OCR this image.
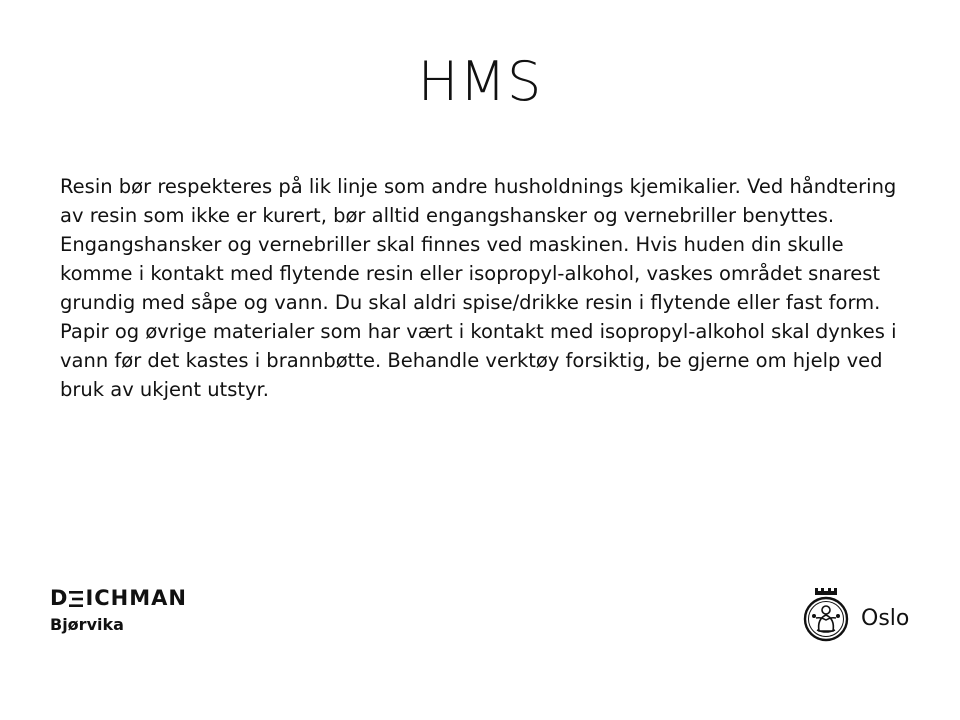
HMS

Resin bør respekteres på lik linje som andre husholdnings kjemikalier. Ved håndtering av resin som ikke er kurert, bør alltid engangshansker og vernebriller benyttes. Engangshansker og vernebriller skal finnes ved maskinen. Hvis huden din skulle komme i kontakt med flytende resin eller isopropyl-alkohol, vaskes området snarest grundig med såpe og vann. Du skal aldri spise/drikke resin i flytende eller fast form. Papir og øvrige materialer som har vært i kontakt med isopropyl-alkohol skal dynkes i vann før det kastes i brannbøtte. Behandle verktøy forsiktig, be gjerne om hjelp ved bruk av ukjent utstyr.

D ICHMAN
Bjørvika	Oslo
